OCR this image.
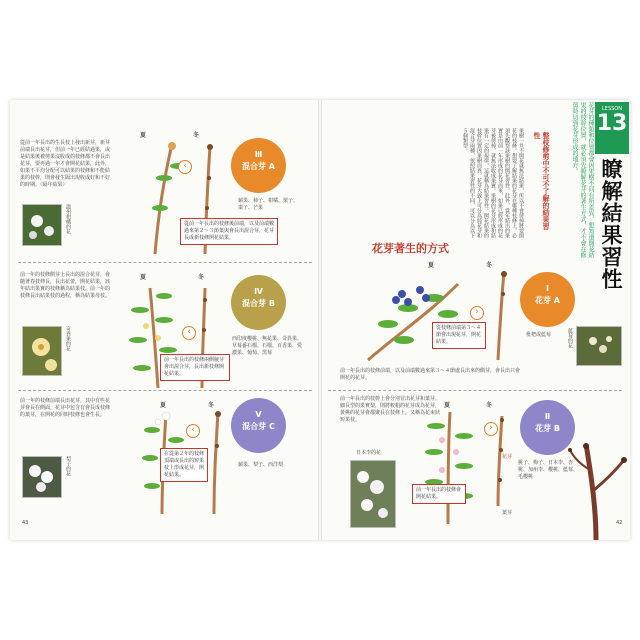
從前一年長出的生長枝上發出新芽，新芽前端長出花芽，但前一年已經結過果，或是結果後被剪果沒收成的枝條都不會長出花芽，要再過一年才會開花結果，此外，如果不平均分配可以結果的枝條和不能結果的枝幹，則會發生隔出現收成好和不好的時期。（隔年結果）
溫州柑橘的花
夏	冬
‹
Ⅲ
混合芽 A
蘋果、柿子、柑橘、栗子、棗子、芒果
從前一年長出的枝條後前端，以及前端數過來第２～３節葉與會長出混合芽，花芽長成新枝條開花結果。
前一年的枝條側芽上長出的混合花芽，會隨著春枝伸長，長出花蕾，開花結果，該年結出果實的枝條稱為結果枝。前一年的枝條長出結果枝的過程，稱為結果母枝。
奇異果的花
夏	冬
‹
Ⅳ
混合芽 B
西印度櫻桃、無花果、奇異果、草莓番石榴、石榴、百香果、愛濃果、葡萄、黑莓
前一年長出的枝條兩側腋芽會出混合芽，長出新枝條開花結果。
前一年的枝條前端長出花芽，其中有些花芽會長在側面，花芽中包含有會長成枝條的葉芽，在開花的同時枝條也會生長。
梨子的花
夏	冬
‹
Ⅴ
混合芽 C
蘋果、梨子、西洋梨
在從第２年的枝條頂端或長出的短果枝上形成花芽，開花結果。
43
LESSON
13
瞭解結果習性
花芽的種類和位置都會因果樹不同有所差異，想知道開花結果的枝幹位置，就必須先瞭解花芽的著生方式，才不會在修剪時切到花芽形成的地方。
整枝修剪中不可不了解的結果習性
果樹一旦不開花就無法結果，所以不會剪掉將要開花的枝條。想要了解結果的花芽在哪種枝條上，必須先觀察該果樹的開花習性。此外，當年結出的果實是由前一年形成的花芽而來，如果已經形成的花芽被剪掉，就無法收成果實。果樹的花芽形成和結果有一定的規律，這就稱為結果習性。開花結果的枝幹位置因果樹而異，花芽大致上可分為純花芽和混合芽兩種，依照結果習性的不同，可以分為以下５個類型。
花芽著生的方式
夏	冬
›
Ⅰ
花芽 A
枇杷或藍莓
從枝條前端第３～４節會出現花芽，開花結果。	藍莓的花
前一年長出的枝條前端，以及前端數過來第３～４節處長出來的側芽，會長出只會開花的花芽。
前一年長出的枝幹上會分別冒出花芽和葉芽。細長型的果實梨，則將較粗的花芽成為花芽，黃桃的花芽會都聚長在枝條上，又稱為花束狀短果枝。
日本李的花
夏	冬
花芽
葉芽
›
Ⅱ
花芽 B
桃子、梅子、日本李、杏桃、加州李、櫻桃、藍莓、毛櫻桃
前一年長出的枝條會開花結果。
42
